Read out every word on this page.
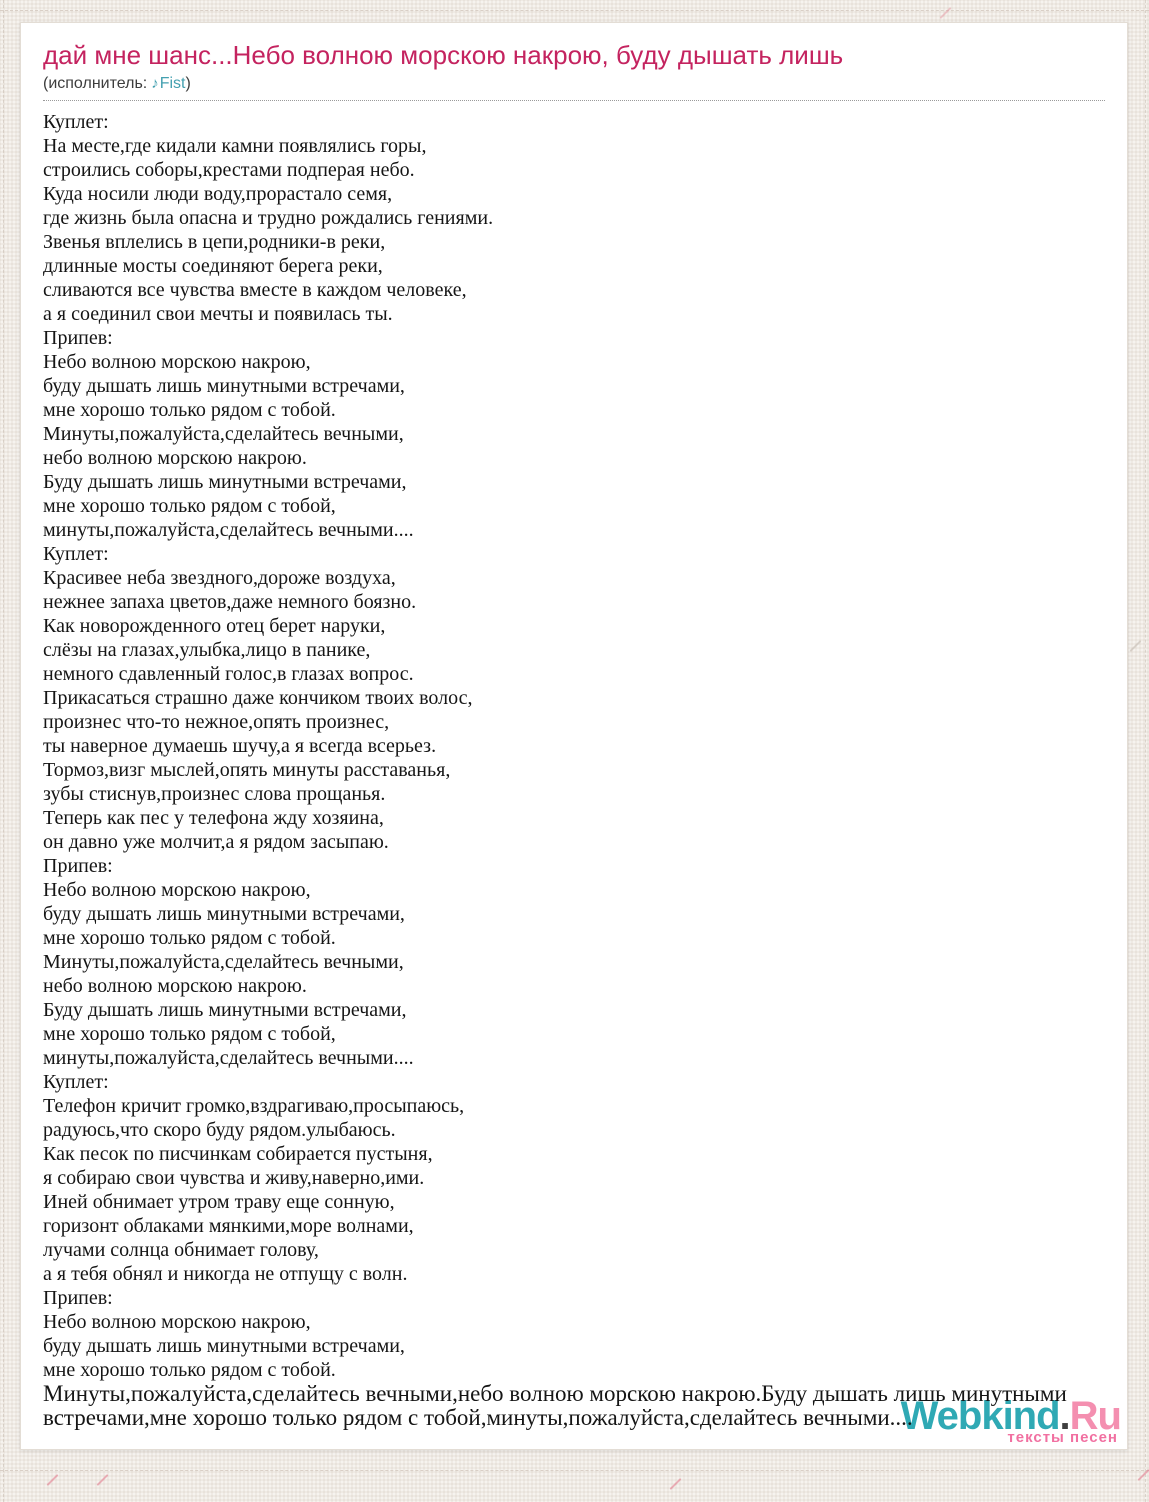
дай мне шанс...Небо волною морскою накрою, буду дышать лишь
(исполнитель: ♪Fist)
Куплет:
На месте,где кидали камни появлялись горы,
строились соборы,крестами подперая небо.
Куда носили люди воду,прорастало семя,
где жизнь была опасна и трудно рождались гениями.
Звенья вплелись в цепи,родники-в реки,
длинные мосты соединяют берега реки,
сливаются все чувства вместе в каждом человеке,
а я соединил свои мечты и появилась ты.
Припев:
Небо волною морскою накрою,
буду дышать лишь минутными встречами,
мне хорошо только рядом с тобой.
Минуты,пожалуйста,сделайтесь вечными,
небо волною морскою накрою.
Буду дышать лишь минутными встречами,
мне хорошо только рядом с тобой,
минуты,пожалуйста,сделайтесь вечными....
Куплет:
Красивее неба звездного,дороже воздуха,
нежнее запаха цветов,даже немного боязно.
Как новорожденного отец берет наруки,
слёзы на глазах,улыбка,лицо в панике,
немного сдавленный голос,в глазах вопрос.
Прикасаться страшно даже кончиком твоих волос,
произнес что-то нежное,опять произнес,
ты наверное думаешь шучу,а я всегда всерьез.
Тормоз,визг мыслей,опять минуты расставанья,
зубы стиснув,произнес слова прощанья.
Теперь как пес у телефона жду хозяина,
он давно уже молчит,а я рядом засыпаю.
Припев:
Небо волною морскою накрою,
буду дышать лишь минутными встречами,
мне хорошо только рядом с тобой.
Минуты,пожалуйста,сделайтесь вечными,
небо волною морскою накрою.
Буду дышать лишь минутными встречами,
мне хорошо только рядом с тобой,
минуты,пожалуйста,сделайтесь вечными....
Куплет:
Телефон кричит громко,вздрагиваю,просыпаюсь,
радуюсь,что скоро буду рядом.улыбаюсь.
Как песок по писчинкам собирается пустыня,
я собираю свои чувства и живу,наверно,ими.
Иней обнимает утром траву еще сонную,
горизонт облаками мянкими,море волнами,
лучами солнца обнимает голову,
а я тебя обнял и никогда не отпущу с волн.
Припев:
Небо волною морскою накрою,
буду дышать лишь минутными встречами,
мне хорошо только рядом с тобой.
Минуты,пожалуйста,сделайтесь вечными,небо волною морскою накрою.Буду дышать лишь минутными
встречами,мне хорошо только рядом с тобой,минуты,пожалуйста,сделайтесь вечными....
Webkind.Ru
тексты песен
